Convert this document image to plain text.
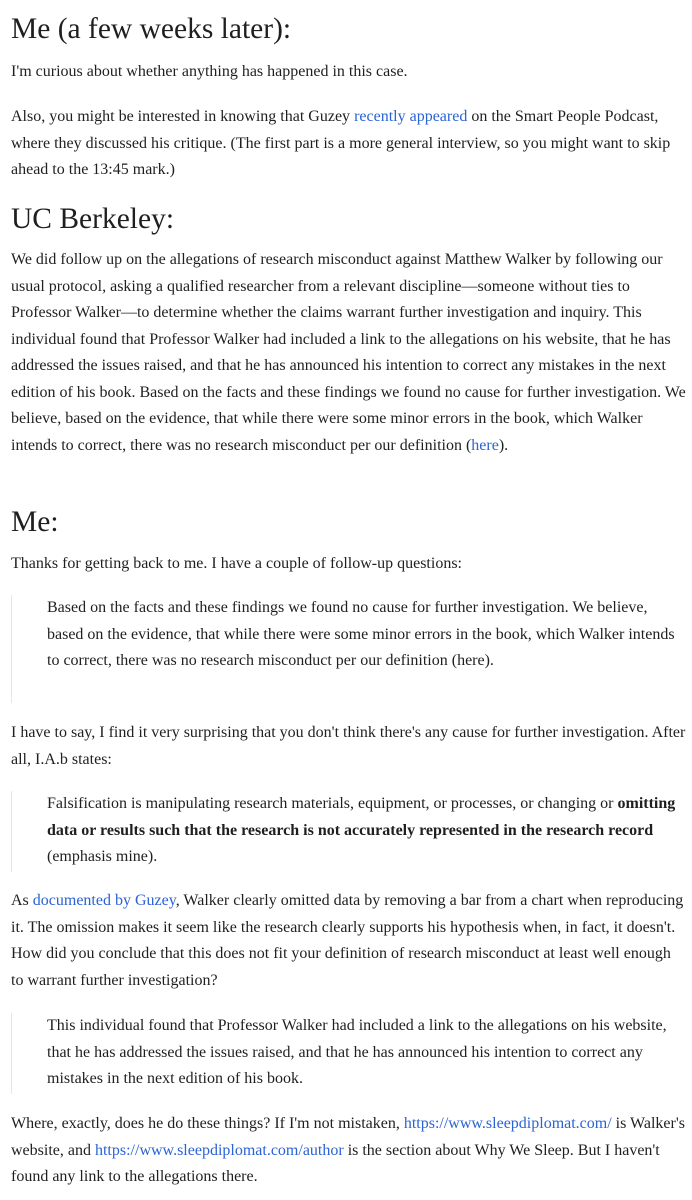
Me (a few weeks later):

I'm curious about whether anything has happened in this case.

Also, you might be interested in knowing that Guzey recently appeared on the Smart People Podcast, where they discussed his critique. (The first part is a more general interview, so you might want to skip ahead to the 13:45 mark.)

UC Berkeley:

We did follow up on the allegations of research misconduct against Matthew Walker by following our usual protocol, asking a qualified researcher from a relevant discipline—someone without ties to Professor Walker—to determine whether the claims warrant further investigation and inquiry. This individual found that Professor Walker had included a link to the allegations on his website, that he has addressed the issues raised, and that he has announced his intention to correct any mistakes in the next edition of his book. Based on the facts and these findings we found no cause for further investigation. We believe, based on the evidence, that while there were some minor errors in the book, which Walker intends to correct, there was no research misconduct per our definition (here).

Me:

Thanks for getting back to me. I have a couple of follow-up questions:

Based on the facts and these findings we found no cause for further investigation. We believe, based on the evidence, that while there were some minor errors in the book, which Walker intends to correct, there was no research misconduct per our definition (here).

I have to say, I find it very surprising that you don't think there's any cause for further investigation. After all, I.A.b states:

Falsification is manipulating research materials, equipment, or processes, or changing or omitting data or results such that the research is not accurately represented in the research record (emphasis mine).

As documented by Guzey, Walker clearly omitted data by removing a bar from a chart when reproducing it. The omission makes it seem like the research clearly supports his hypothesis when, in fact, it doesn't. How did you conclude that this does not fit your definition of research misconduct at least well enough to warrant further investigation?

This individual found that Professor Walker had included a link to the allegations on his website, that he has addressed the issues raised, and that he has announced his intention to correct any mistakes in the next edition of his book.

Where, exactly, does he do these things? If I'm not mistaken, https://www.sleepdiplomat.com/ is Walker's website, and https://www.sleepdiplomat.com/author is the section about Why We Sleep. But I haven't found any link to the allegations there.
